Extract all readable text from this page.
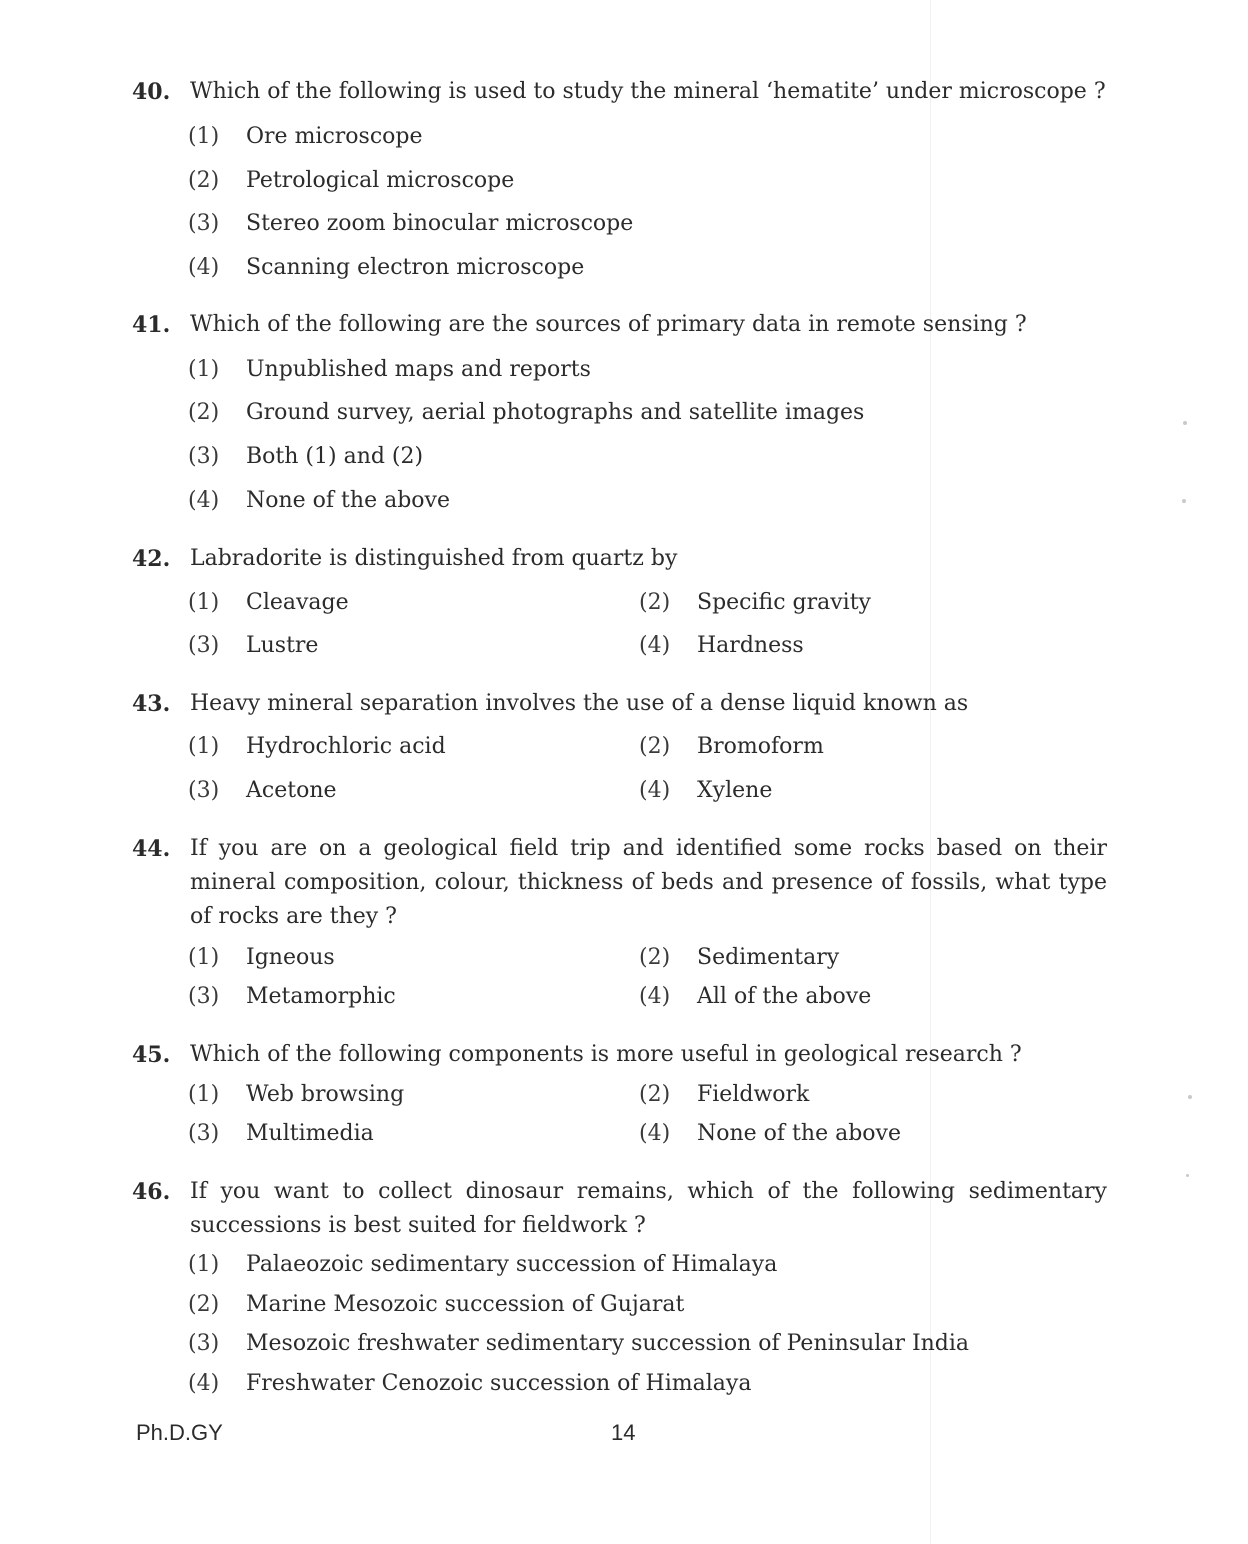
40. Which of the following is used to study the mineral ‘hematite’ under microscope ?
(1) Ore microscope
(2) Petrological microscope
(3) Stereo zoom binocular microscope
(4) Scanning electron microscope
41. Which of the following are the sources of primary data in remote sensing ?
(1) Unpublished maps and reports
(2) Ground survey, aerial photographs and satellite images
(3) Both (1) and (2)
(4) None of the above
42. Labradorite is distinguished from quartz by
(1) Cleavage	(2) Specific gravity
(3) Lustre	(4) Hardness
43. Heavy mineral separation involves the use of a dense liquid known as
(1) Hydrochloric acid	(2) Bromoform
(3) Acetone	(4) Xylene
44. If you are on a geological field trip and identified some rocks based on their mineral composition, colour, thickness of beds and presence of fossils, what type of rocks are they ?
(1) Igneous	(2) Sedimentary
(3) Metamorphic	(4) All of the above
45. Which of the following components is more useful in geological research ?
(1) Web browsing	(2) Fieldwork
(3) Multimedia	(4) None of the above
46. If you want to collect dinosaur remains, which of the following sedimentary successions is best suited for fieldwork ?
(1) Palaeozoic sedimentary succession of Himalaya
(2) Marine Mesozoic succession of Gujarat
(3) Mesozoic freshwater sedimentary succession of Peninsular India
(4) Freshwater Cenozoic succession of Himalaya
Ph.D.GY	14
